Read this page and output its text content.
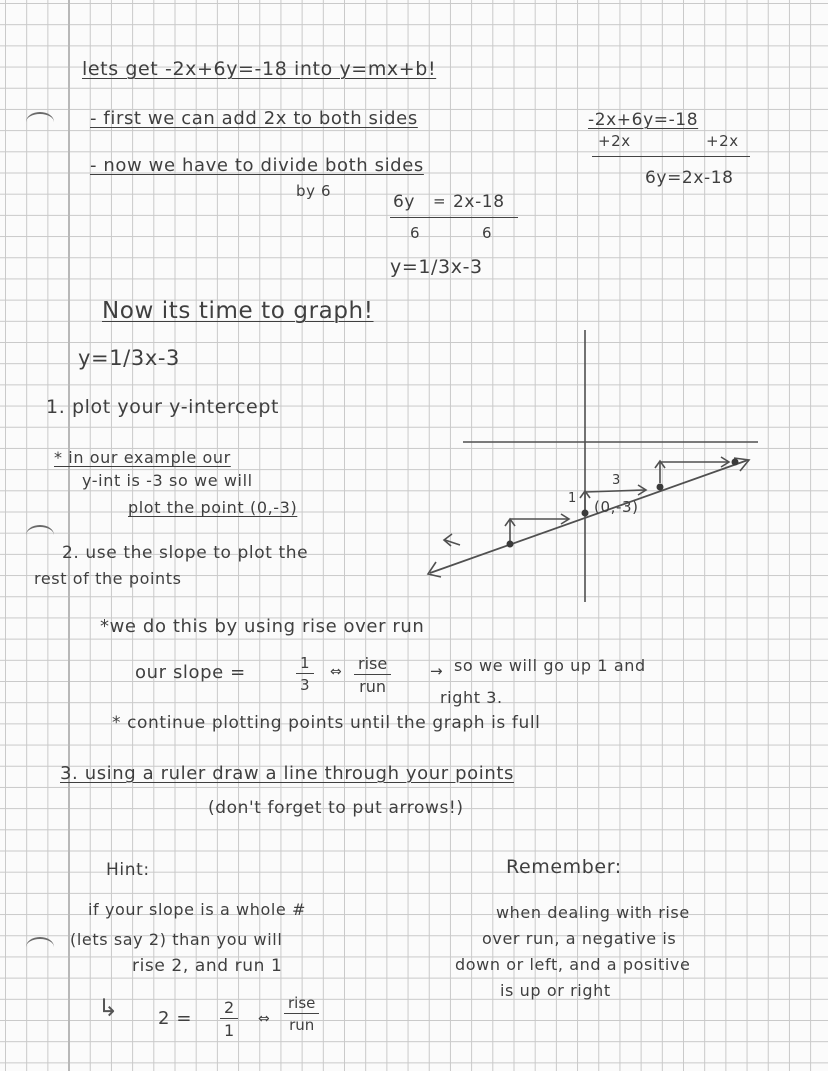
lets get -2x+6y=-18 into y=mx+b!
- first we can add 2x to both sides
- now we have to divide both sides
by 6
-2x+6y=-18
+2x	+2x
6y=2x-18
6y = 2x-18
6	6
y=1/3x-3
Now its time to graph!
y=1/3x-3
1. plot your y-intercept
* in our example our
y-int is -3 so we will
plot the point (0,-3)
2. use the slope to plot the
rest of the points
*we do this by using rise over run
our slope =	$\frac{1}{3}$ ⇔ rise
run
→ so we will go up 1 and
right 3.
* continue plotting points until the graph is full
3. using a ruler draw a line through your points
(don't forget to put arrows!)
(0,-3)
3
1
Hint:
if your slope is a whole #
(lets say 2) than you will
rise 2, and run 1
↳ $2 = \frac{2}{1}$ ⇔
rise
run
Remember:
when dealing with rise
over run, a negative is
down or left, and a positive
is up or right
